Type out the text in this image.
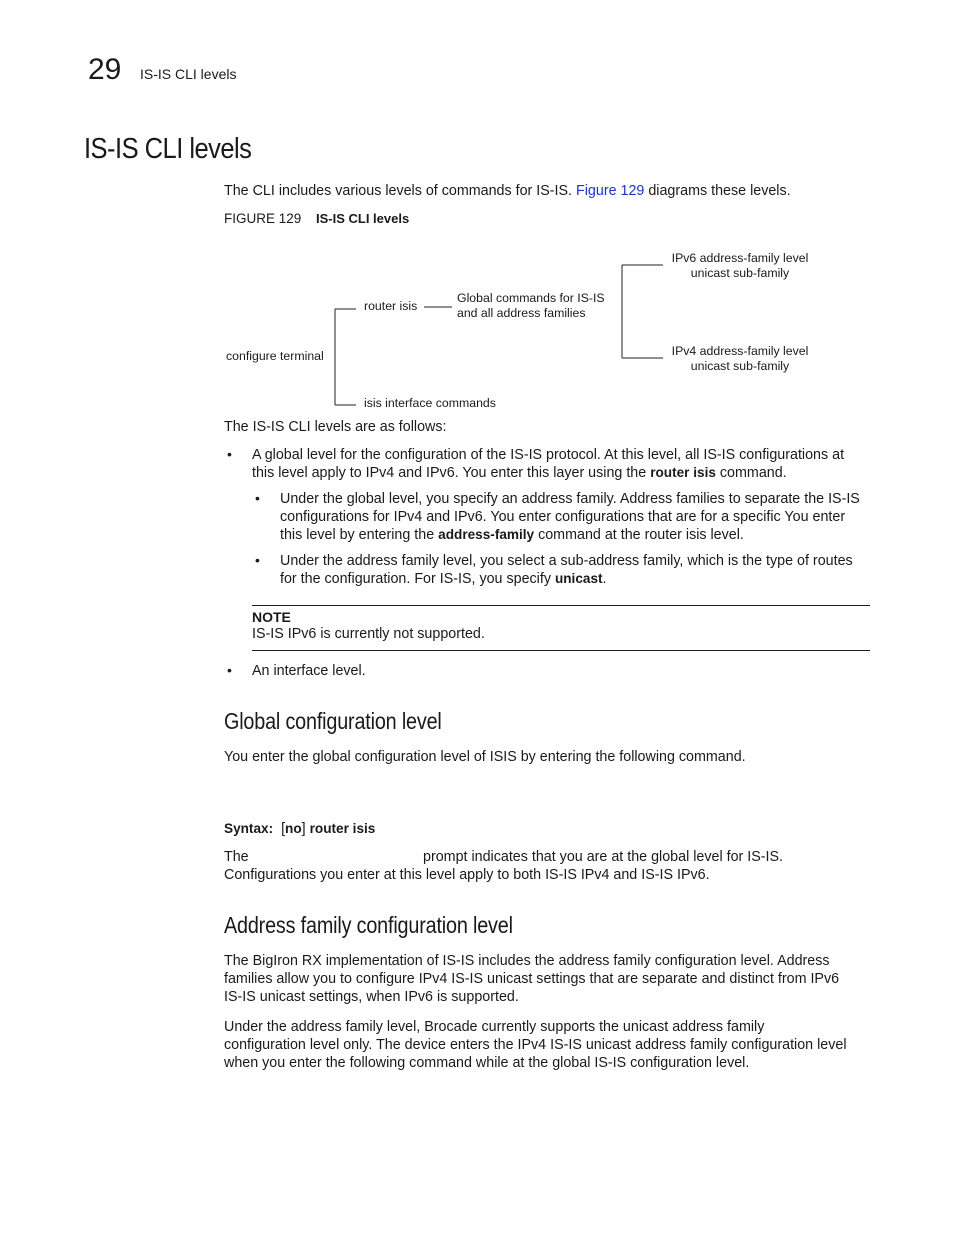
29 IS-IS CLI levels
IS-IS CLI levels
The CLI includes various levels of commands for IS-IS. Figure 129 diagrams these levels.
FIGURE 129 IS-IS CLI levels
configure terminal
router isis
Global commands for IS-IS
and all address families
IPv6 address-family level
unicast sub-family
IPv4 address-family level
unicast sub-family
isis interface commands
The IS-IS CLI levels are as follows:
• A global level for the configuration of the IS-IS protocol. At this level, all IS-IS configurations at
this level apply to IPv4 and IPv6. You enter this layer using the router isis command.
• Under the global level, you specify an address family. Address families to separate the IS-IS
configurations for IPv4 and IPv6. You enter configurations that are for a specific You enter
this level by entering the address-family command at the router isis level.
• Under the address family level, you select a sub-address family, which is the type of routes
for the configuration. For IS-IS, you specify unicast.
NOTE
IS-IS IPv6 is currently not supported.
• An interface level.
Global configuration level
You enter the global configuration level of ISIS by entering the following command.
Syntax: [no] router isis
The	prompt indicates that you are at the global level for IS-IS.
Configurations you enter at this level apply to both IS-IS IPv4 and IS-IS IPv6.
Address family configuration level
The BigIron RX implementation of IS-IS includes the address family configuration level. Address
families allow you to configure IPv4 IS-IS unicast settings that are separate and distinct from IPv6
IS-IS unicast settings, when IPv6 is supported.
Under the address family level, Brocade currently supports the unicast address family
configuration level only. The device enters the IPv4 IS-IS unicast address family configuration level
when you enter the following command while at the global IS-IS configuration level.
